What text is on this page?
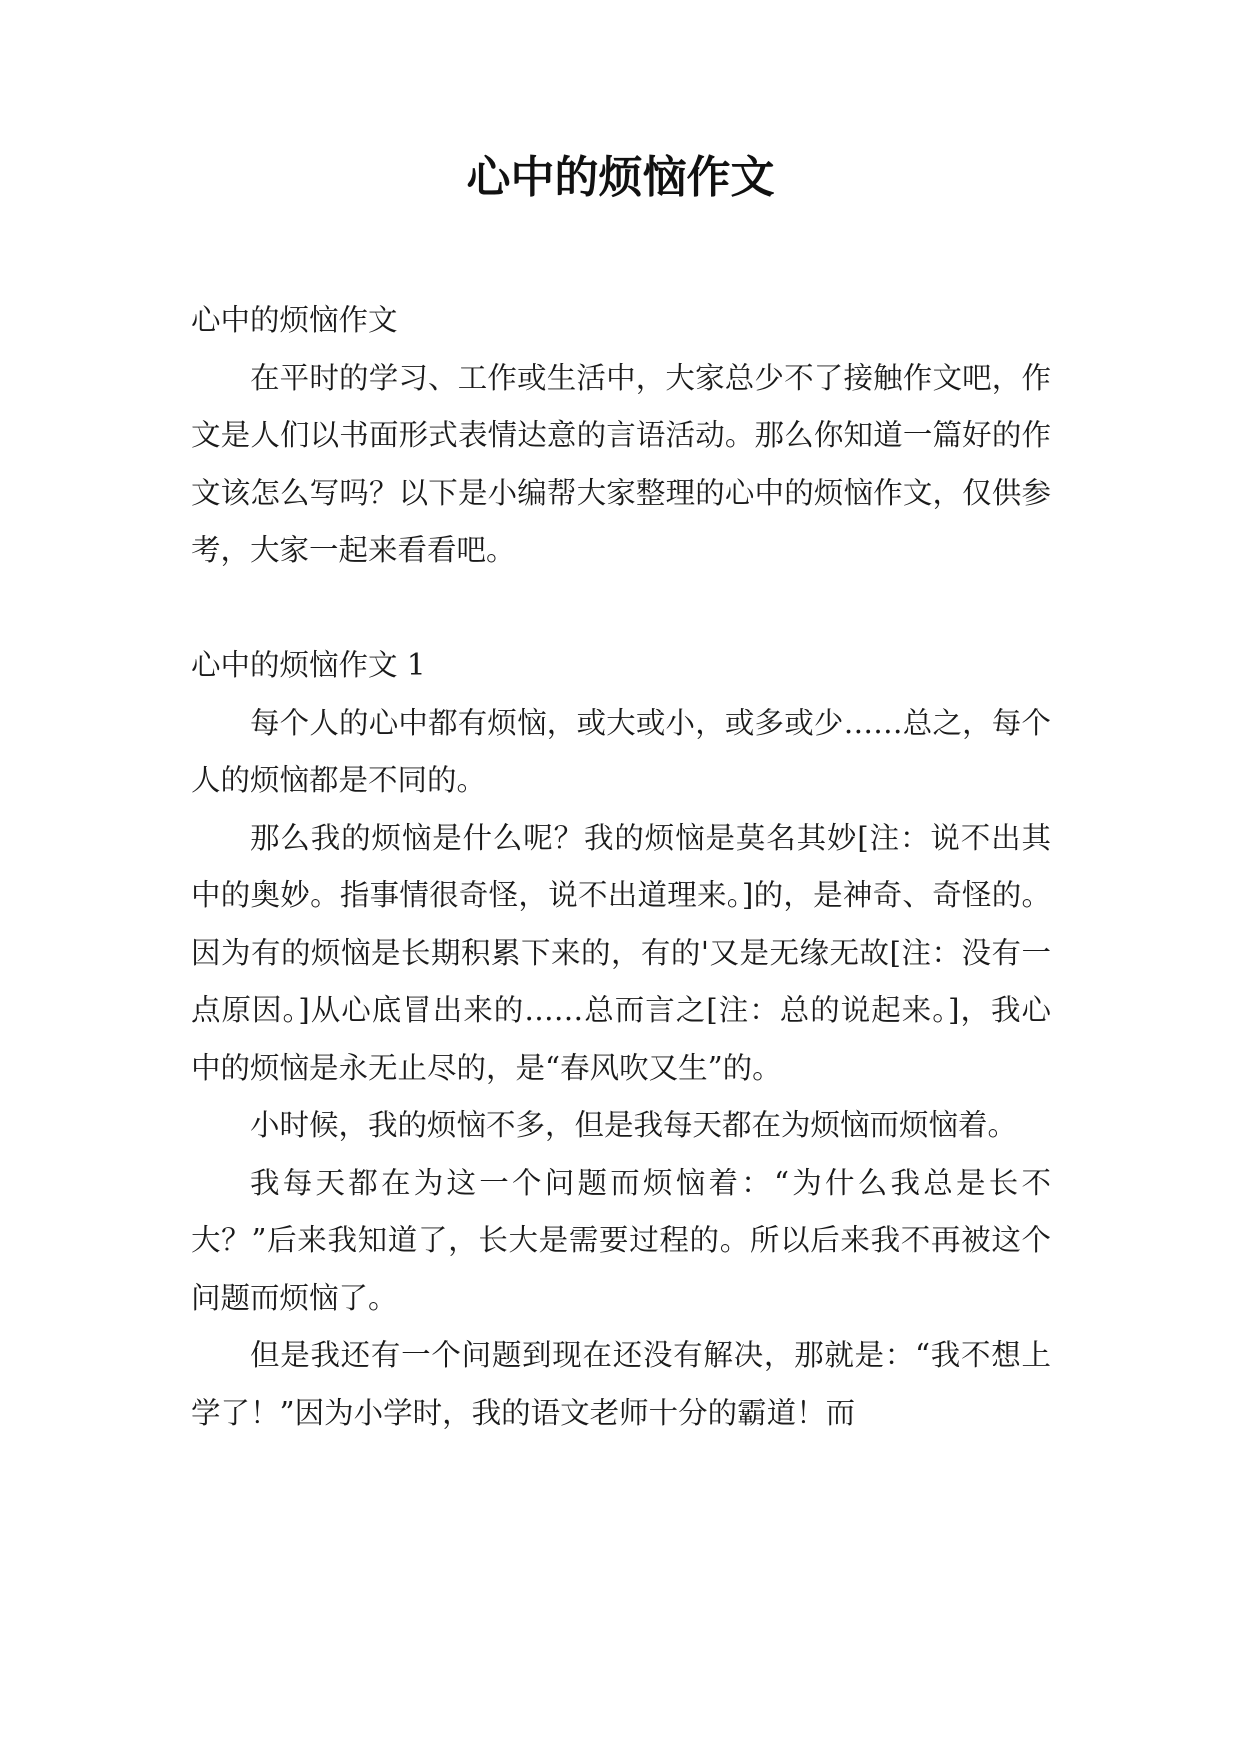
心中的烦恼作文

心中的烦恼作文

在平时的学习、工作或生活中，大家总少不了接触作文吧，作文是人们以书面形式表情达意的言语活动。那么你知道一篇好的作文该怎么写吗？以下是小编帮大家整理的心中的烦恼作文，仅供参考，大家一起来看看吧。

心中的烦恼作文 1

每个人的心中都有烦恼，或大或小，或多或少……总之，每个人的烦恼都是不同的。

那么我的烦恼是什么呢？我的烦恼是莫名其妙[注：说不出其中的奥妙。指事情很奇怪，说不出道理来。]的，是神奇、奇怪的。因为有的烦恼是长期积累下来的，有的'又是无缘无故[注：没有一点原因。]从心底冒出来的……总而言之[注：总的说起来。]，我心中的烦恼是永无止尽的，是“春风吹又生”的。

小时候，我的烦恼不多，但是我每天都在为烦恼而烦恼着。

我每天都在为这一个问题而烦恼着：“为什么我总是长不大？”后来我知道了，长大是需要过程的。所以后来我不再被这个问题而烦恼了。

但是我还有一个问题到现在还没有解决，那就是：“我不想上学了！”因为小学时，我的语文老师十分的霸道！而
